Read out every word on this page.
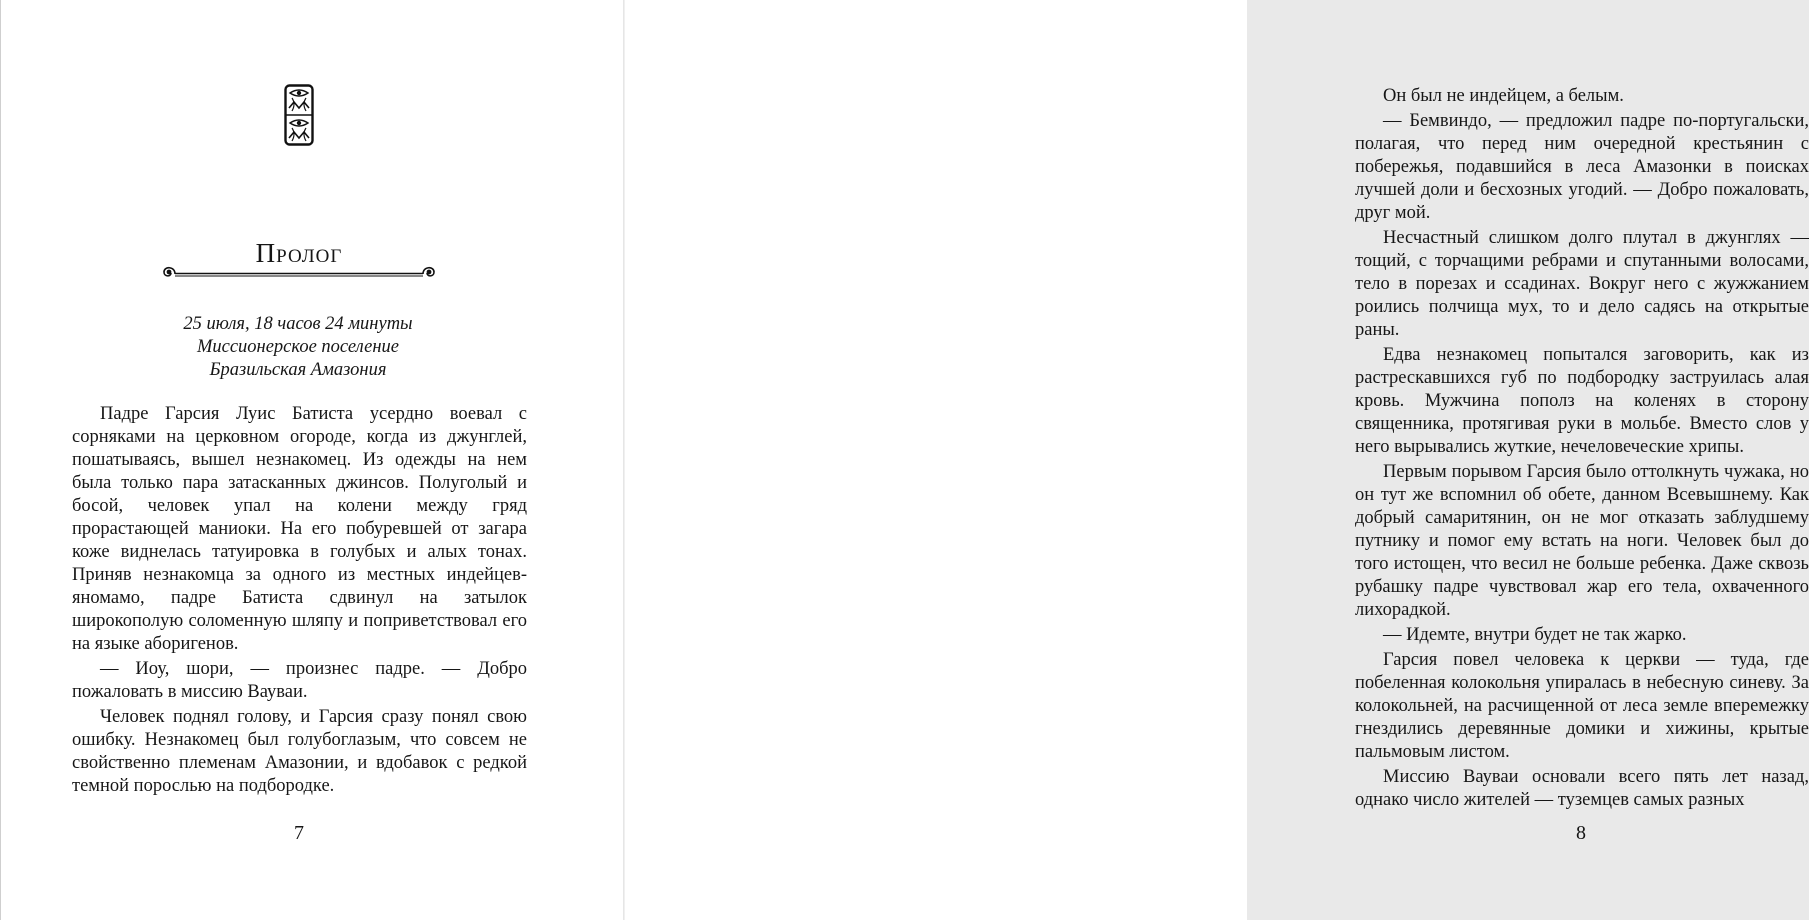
Пролог
25 июля, 18 часов 24 минуты
Миссионерское поселение
Бразильская Амазония

Падре Гарсия Луис Батиста усердно воевал с сорняками на церковном огороде, когда из джунглей, пошатываясь, вышел незнакомец. Из одежды на нем была только пара затасканных джинсов. Полуголый и босой, человек упал на колени между гряд прорастающей маниоки. На его побуревшей от загара коже виднелась татуировка в голубых и алых тонах. Приняв незнакомца за одного из местных индейцев-яномамо, падре Батиста сдвинул на затылок широкополую соломенную шляпу и поприветствовал его на языке аборигенов.

— Иоу, шори, — произнес падре. — Добро пожаловать в миссию Вауваи.

Человек поднял голову, и Гарсия сразу понял свою ошибку. Незнакомец был голубоглазым, что совсем не свойственно племенам Амазонии, и вдобавок с редкой темной порослью на подбородке.

7

Он был не индейцем, а белым.

— Бемвиндо, — предложил падре по-португальски, полагая, что перед ним очередной крестьянин с побережья, подавшийся в леса Амазонки в поисках лучшей доли и бесхозных угодий. — Добро пожаловать, друг мой.

Несчастный слишком долго плутал в джунглях — тощий, с торчащими ребрами и спутанными волосами, тело в порезах и ссадинах. Вокруг него с жужжанием роились полчища мух, то и дело садясь на открытые раны.

Едва незнакомец попытался заговорить, как из растрескавшихся губ по подбородку заструилась алая кровь. Мужчина пополз на коленях в сторону священника, протягивая руки в мольбе. Вместо слов у него вырывались жуткие, нечеловеческие хрипы.

Первым порывом Гарсия было оттолкнуть чужака, но он тут же вспомнил об обете, данном Всевышнему. Как добрый самаритянин, он не мог отказать заблудшему путнику и помог ему встать на ноги. Человек был до того истощен, что весил не больше ребенка. Даже сквозь рубашку падре чувствовал жар его тела, охваченного лихорадкой.

— Идемте, внутри будет не так жарко.

Гарсия повел человека к церкви — туда, где побеленная колокольня упиралась в небесную синеву. За колокольней, на расчищенной от леса земле вперемежку гнездились деревянные домики и хижины, крытые пальмовым листом.

Миссию Вауваи основали всего пять лет назад, однако число жителей — туземцев самых разных

8
